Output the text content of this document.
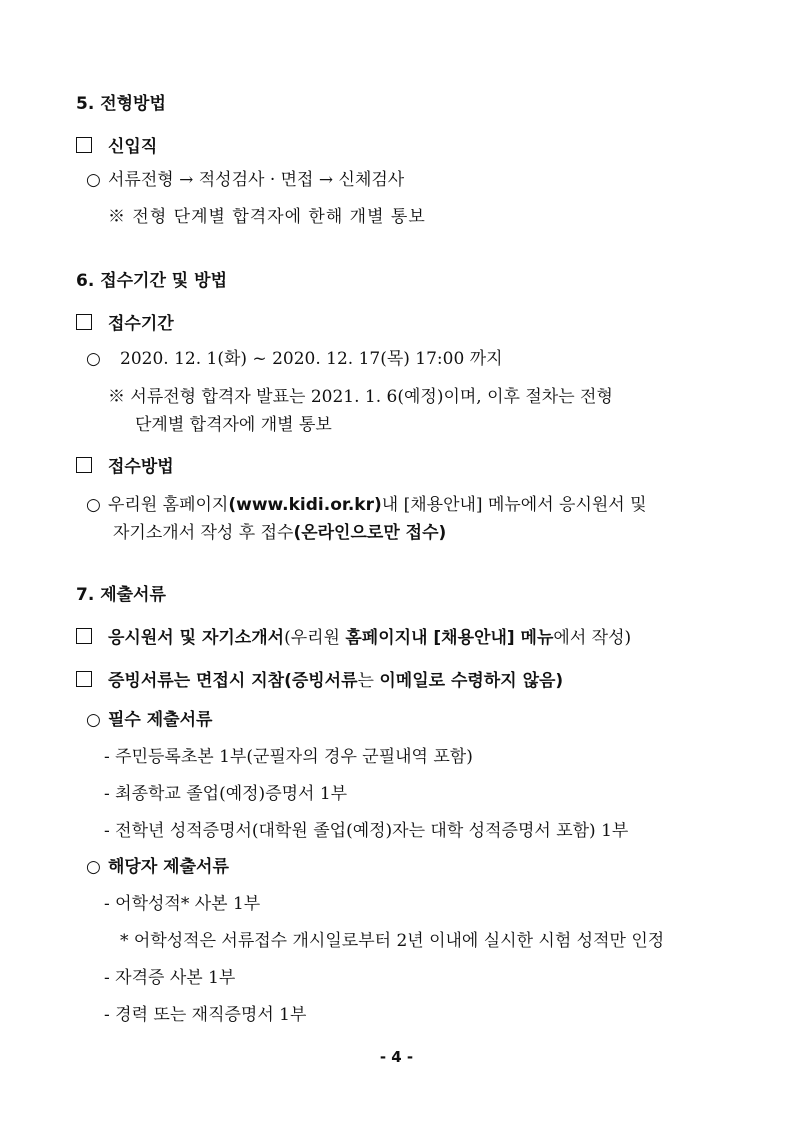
5. 전형방법
신입직
○ 서류전형 → 적성검사 · 면접 → 신체검사
※ 전형 단계별 합격자에 한해 개별 통보
6. 접수기간 및 방법
접수기간
○ 2020. 12. 1(화) ~ 2020. 12. 17(목) 17:00 까지
※ 서류전형 합격자 발표는 2021. 1. 6(예정)이며, 이후 절차는 전형
단계별 합격자에 개별 통보
접수방법
○ 우리원 홈페이지(www.kidi.or.kr)내 [채용안내] 메뉴에서 응시원서 및
자기소개서 작성 후 접수(온라인으로만 접수)
7. 제출서류
응시원서 및 자기소개서(우리원 홈페이지내 [채용안내] 메뉴에서 작성)
증빙서류는 면접시 지참(증빙서류는 이메일로 수령하지 않음)
○ 필수 제출서류
- 주민등록초본 1부(군필자의 경우 군필내역 포함)
- 최종학교 졸업(예정)증명서 1부
- 전학년 성적증명서(대학원 졸업(예정)자는 대학 성적증명서 포함) 1부
○ 해당자 제출서류
- 어학성적* 사본 1부
* 어학성적은 서류접수 개시일로부터 2년 이내에 실시한 시험 성적만 인정
- 자격증 사본 1부
- 경력 또는 재직증명서 1부
- 4 -
